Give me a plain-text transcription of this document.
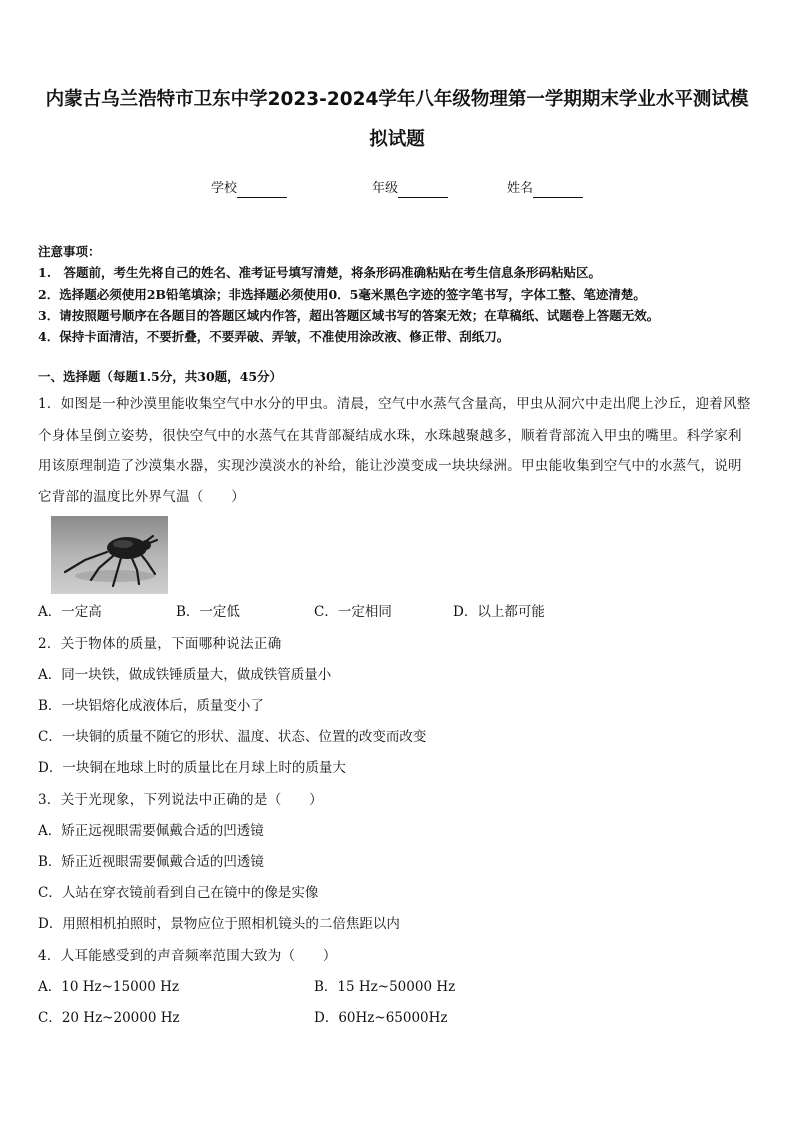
内蒙古乌兰浩特市卫东中学2023-2024学年八年级物理第一学期期末学业水平测试模
拟试题
学校	年级	姓名
注意事项：
1.　答题前，考生先将自己的姓名、准考证号填写清楚，将条形码准确粘贴在考生信息条形码粘贴区。
2．选择题必须使用2B铅笔填涂；非选择题必须使用0．5毫米黑色字迹的签字笔书写，字体工整、笔迹清楚。
3．请按照题号顺序在各题目的答题区域内作答，超出答题区域书写的答案无效；在草稿纸、试题卷上答题无效。
4．保持卡面清洁，不要折叠，不要弄破、弄皱，不准使用涂改液、修正带、刮纸刀。
一、选择题（每题1.5分，共30题，45分）
1．如图是一种沙漠里能收集空气中水分的甲虫。清晨，空气中水蒸气含量高，甲虫从洞穴中走出爬上沙丘，迎着风整
个身体呈倒立姿势，很快空气中的水蒸气在其背部凝结成水珠，水珠越聚越多，顺着背部流入甲虫的嘴里。科学家利
用该原理制造了沙漠集水器，实现沙漠淡水的补给，能让沙漠变成一块块绿洲。甲虫能收集到空气中的水蒸气，说明
它背部的温度比外界气温（　　）
A．一定高	B．一定低	C．一定相同	D．以上都可能
2．关于物体的质量，下面哪种说法正确
A．同一块铁，做成铁锤质量大，做成铁管质量小
B．一块铝熔化成液体后，质量变小了
C．一块铜的质量不随它的形状、温度、状态、位置的改变而改变
D．一块铜在地球上时的质量比在月球上时的质量大
3．关于光现象，下列说法中正确的是（　　）
A．矫正远视眼需要佩戴合适的凹透镜
B．矫正近视眼需要佩戴合适的凹透镜
C．人站在穿衣镜前看到自己在镜中的像是实像
D．用照相机拍照时，景物应位于照相机镜头的二倍焦距以内
4．人耳能感受到的声音频率范围大致为（　　）
A．10 Hz~15000 Hz	B．15 Hz~50000 Hz
C．20 Hz~20000 Hz	D．60Hz~65000Hz
